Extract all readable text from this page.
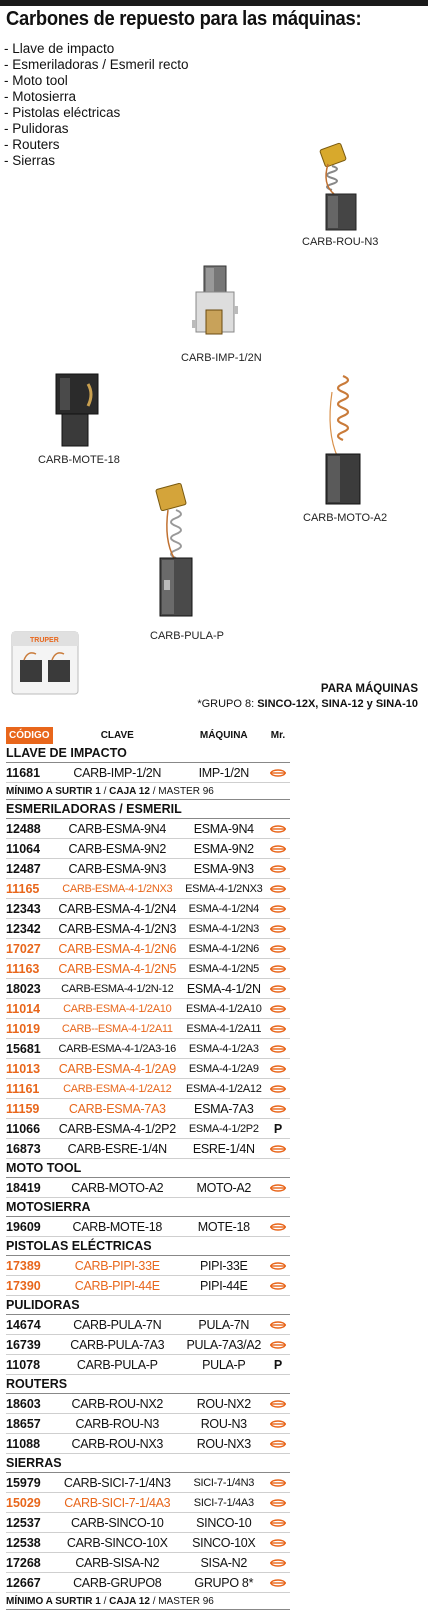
Carbones de repuesto para las máquinas:
- Llave de impacto
- Esmeriladoras / Esmeril recto
- Moto tool
- Motosierra
- Pistolas eléctricas
- Pulidoras
- Routers
- Sierras
CARB-ROU-N3
CARB-IMP-1/2N
CARB-MOTE-18
CARB-MOTO-A2
CARB-PULA-P
TRUPER
PARA MÁQUINAS
*GRUPO 8: SINCO-12X, SINA-12 y SINA-10
CÓDIGO	CLAVE	MÁQUINA	Mr.
LLAVE DE IMPACTO			
11681	CARB-IMP-1/2N	IMP-1/2N	
MÍNIMO A SURTIR 1 / CAJA 12 / MASTER 96			
ESMERILADORAS / ESMERIL			
12488	CARB-ESMA-9N4	ESMA-9N4	
11064	CARB-ESMA-9N2	ESMA-9N2	
12487	CARB-ESMA-9N3	ESMA-9N3	
11165	CARB-ESMA-4-1/2NX3	ESMA-4-1/2NX3	
12343	CARB-ESMA-4-1/2N4	ESMA-4-1/2N4	
12342	CARB-ESMA-4-1/2N3	ESMA-4-1/2N3	
17027	CARB-ESMA-4-1/2N6	ESMA-4-1/2N6	
11163	CARB-ESMA-4-1/2N5	ESMA-4-1/2N5	
18023	CARB-ESMA-4-1/2N-12	ESMA-4-1/2N	
11014	CARB-ESMA-4-1/2A10	ESMA-4-1/2A10	
11019	CARB--ESMA-4-1/2A11	ESMA-4-1/2A11	
15681	CARB-ESMA-4-1/2A3-16	ESMA-4-1/2A3	
11013	CARB-ESMA-4-1/2A9	ESMA-4-1/2A9	
11161	CARB-ESMA-4-1/2A12	ESMA-4-1/2A12	
11159	CARB-ESMA-7A3	ESMA-7A3	
11066	CARB-ESMA-4-1/2P2	ESMA-4-1/2P2	P
16873	CARB-ESRE-1/4N	ESRE-1/4N	
MOTO TOOL			
18419	CARB-MOTO-A2	MOTO-A2	
MOTOSIERRA			
19609	CARB-MOTE-18	MOTE-18	
PISTOLAS ELÉCTRICAS			
17389	CARB-PIPI-33E	PIPI-33E	
17390	CARB-PIPI-44E	PIPI-44E	
PULIDORAS			
14674	CARB-PULA-7N	PULA-7N	
16739	CARB-PULA-7A3	PULA-7A3/A2	
11078	CARB-PULA-P	PULA-P	P
ROUTERS			
18603	CARB-ROU-NX2	ROU-NX2	
18657	CARB-ROU-N3	ROU-N3	
11088	CARB-ROU-NX3	ROU-NX3	
SIERRAS			
15979	CARB-SICI-7-1/4N3	SICI-7-1/4N3	
15029	CARB-SICI-7-1/4A3	SICI-7-1/4A3	
12537	CARB-SINCO-10	SINCO-10	
12538	CARB-SINCO-10X	SINCO-10X	
17268	CARB-SISA-N2	SISA-N2	
12667	CARB-GRUPO8	GRUPO 8*	
MÍNIMO A SURTIR 1 / CAJA 12 / MASTER 96			
